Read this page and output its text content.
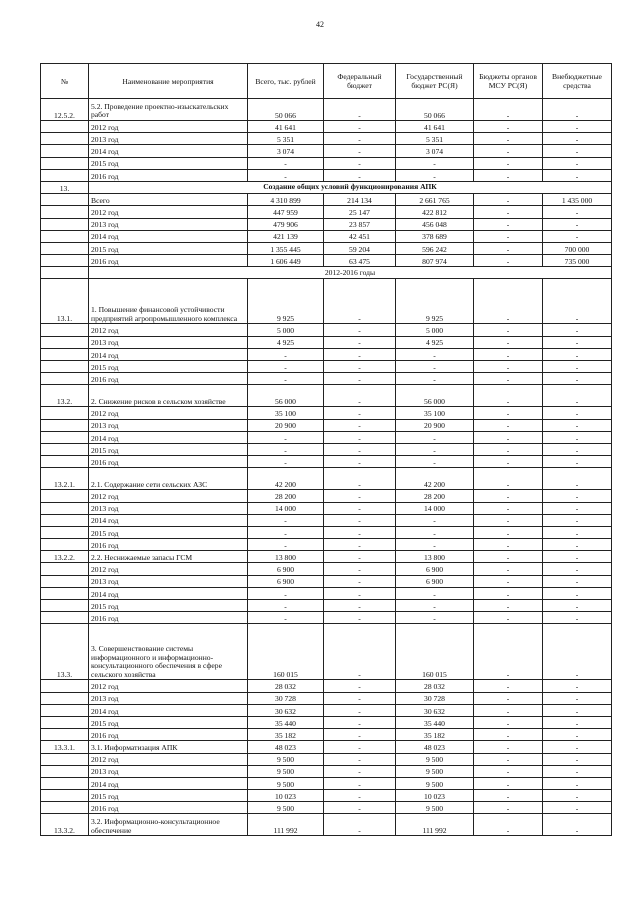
42
№	Наименование мероприятия	Всего, тыс. рублей	Федеральный бюджет	Государственный бюджет РС(Я)	Бюджеты органов МСУ РС(Я)	Внебюджетные средства
12.5.2.	5.2. Проведение проектно-изыскательских работ	50 066	-	50 066	-	-
	2012 год	41 641	-	41 641	-	-
	2013 год	5 351	-	5 351	-	-
	2014 год	3 074	-	3 074	-	-
	2015 год	-	-	-	-	-
	2016 год	-	-	-	-	-
13.	Создание общих условий функционирования АПК					
	Всего	4 310 899	214 134	2 661 765	-	1 435 000
	2012 год	447 959	25 147	422 812	-	-
	2013 год	479 906	23 857	456 048	-	-
	2014 год	421 139	42 451	378 689	-	-
	2015 год	1 355 445	59 204	596 242	-	700 000
	2016 год	1 606 449	63 475	807 974	-	735 000
	2012-2016 годы					
13.1.	1. Повышение финансовой устойчивости предприятий агропромышленного комплекса	9 925	-	9 925	-	-
	2012 год	5 000	-	5 000	-	-
	2013 год	4 925	-	4 925	-	-
	2014 год	-	-	-	-	-
	2015 год	-	-	-	-	-
	2016 год	-	-	-	-	-
13.2.	2. Снижение рисков в сельском хозяйстве	56 000	-	56 000	-	-
	2012 год	35 100	-	35 100	-	-
	2013 год	20 900	-	20 900	-	-
	2014 год	-	-	-	-	-
	2015 год	-	-	-	-	-
	2016 год	-	-	-	-	-
13.2.1.	2.1. Содержание сети сельских АЗС	42 200	-	42 200	-	-
	2012 год	28 200	-	28 200	-	-
	2013 год	14 000	-	14 000	-	-
	2014 год	-	-	-	-	-
	2015 год	-	-	-	-	-
	2016 год	-	-	-	-	-
13.2.2.	2.2. Неснижаемые запасы ГСМ	13 800	-	13 800	-	-
	2012 год	6 900	-	6 900	-	-
	2013 год	6 900	-	6 900	-	-
	2014 год	-	-	-	-	-
	2015 год	-	-	-	-	-
	2016 год	-	-	-	-	-
13.3.	3. Совершенствование системы информационного и информационно-консультационного обеспечения в сфере сельского хозяйства	160 015	-	160 015	-	-
	2012 год	28 032	-	28 032	-	-
	2013 год	30 728	-	30 728	-	-
	2014 год	30 632	-	30 632	-	-
	2015 год	35 440	-	35 440	-	-
	2016 год	35 182	-	35 182	-	-
13.3.1.	3.1. Информатизация АПК	48 023	-	48 023	-	-
	2012 год	9 500	-	9 500	-	-
	2013 год	9 500	-	9 500	-	-
	2014 год	9 500	-	9 500	-	-
	2015 год	10 023	-	10 023	-	-
	2016 год	9 500	-	9 500	-	-
13.3.2.	3.2. Информационно-консультационное обеспечение	111 992	-	111 992	-	-
